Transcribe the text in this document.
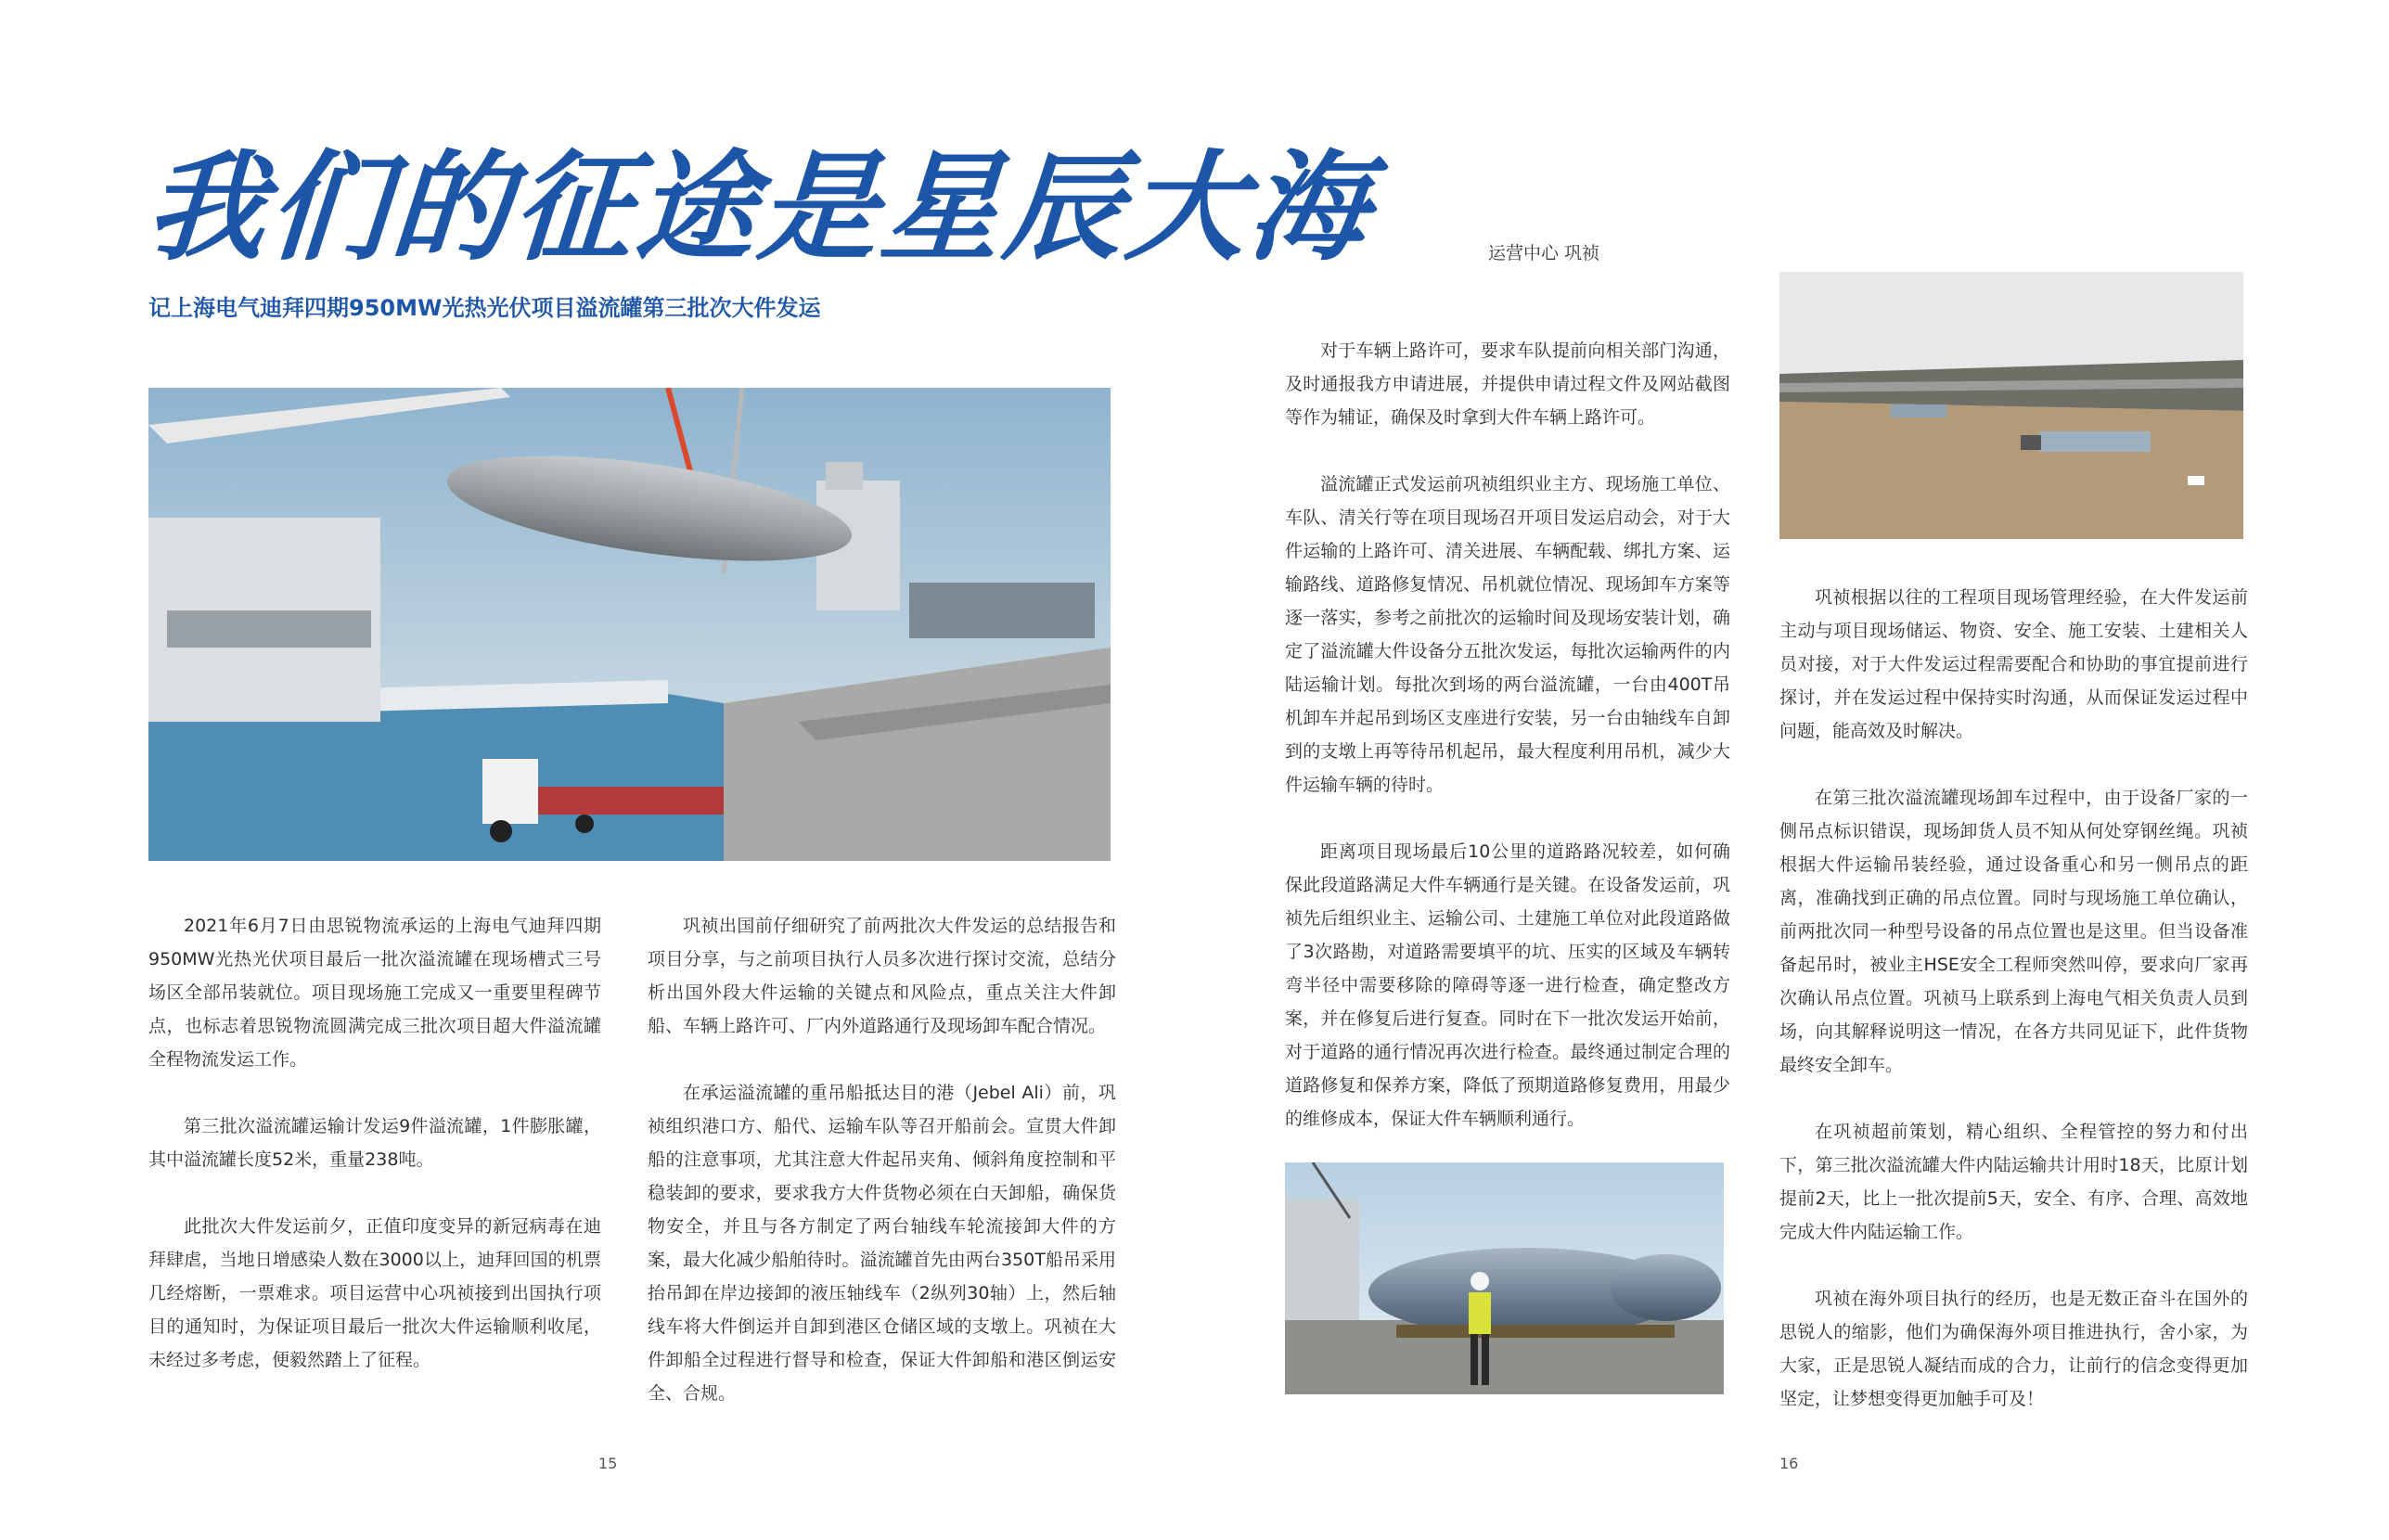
我们的征途是星辰大海	运营中心 巩祯
记上海电气迪拜四期950MW光热光伏项目溢流罐第三批次大件发运

2021年6月7日由思锐物流承运的上海电气迪拜四期950MW光热光伏项目最后一批次溢流罐在现场槽式三号场区全部吊装就位。项目现场施工完成又一重要里程碑节点，也标志着思锐物流圆满完成三批次项目超大件溢流罐全程物流发运工作。

第三批次溢流罐运输计发运9件溢流罐，1件膨胀罐，其中溢流罐长度52米，重量238吨。

此批次大件发运前夕，正值印度变异的新冠病毒在迪拜肆虐，当地日增感染人数在3000以上，迪拜回国的机票几经熔断，一票难求。项目运营中心巩祯接到出国执行项目的通知时，为保证项目最后一批次大件运输顺利收尾，未经过多考虑，便毅然踏上了征程。

巩祯出国前仔细研究了前两批次大件发运的总结报告和项目分享，与之前项目执行人员多次进行探讨交流，总结分析出国外段大件运输的关键点和风险点，重点关注大件卸船、车辆上路许可、厂内外道路通行及现场卸车配合情况。

在承运溢流罐的重吊船抵达目的港（Jebel Ali）前，巩祯组织港口方、船代、运输车队等召开船前会。宣贯大件卸船的注意事项，尤其注意大件起吊夹角、倾斜角度控制和平稳装卸的要求，要求我方大件货物必须在白天卸船，确保货物安全，并且与各方制定了两台轴线车轮流接卸大件的方案，最大化减少船舶待时。溢流罐首先由两台350T船吊采用抬吊卸在岸边接卸的液压轴线车（2纵列30轴）上，然后轴线车将大件倒运并自卸到港区仓储区域的支墩上。巩祯在大件卸船全过程进行督导和检查，保证大件卸船和港区倒运安全、合规。

15

对于车辆上路许可，要求车队提前向相关部门沟通，及时通报我方申请进展，并提供申请过程文件及网站截图等作为辅证，确保及时拿到大件车辆上路许可。

溢流罐正式发运前巩祯组织业主方、现场施工单位、车队、清关行等在项目现场召开项目发运启动会，对于大件运输的上路许可、清关进展、车辆配载、绑扎方案、运输路线、道路修复情况、吊机就位情况、现场卸车方案等逐一落实，参考之前批次的运输时间及现场安装计划，确定了溢流罐大件设备分五批次发运，每批次运输两件的内陆运输计划。每批次到场的两台溢流罐，一台由400T吊机卸车并起吊到场区支座进行安装，另一台由轴线车自卸到的支墩上再等待吊机起吊，最大程度利用吊机，减少大件运输车辆的待时。

距离项目现场最后10公里的道路路况较差，如何确保此段道路满足大件车辆通行是关键。在设备发运前，巩祯先后组织业主、运输公司、土建施工单位对此段道路做了3次路勘，对道路需要填平的坑、压实的区域及车辆转弯半径中需要移除的障碍等逐一进行检查，确定整改方案，并在修复后进行复查。同时在下一批次发运开始前，对于道路的通行情况再次进行检查。最终通过制定合理的道路修复和保养方案，降低了预期道路修复费用，用最少的维修成本，保证大件车辆顺利通行。

巩祯根据以往的工程项目现场管理经验，在大件发运前主动与项目现场储运、物资、安全、施工安装、土建相关人员对接，对于大件发运过程需要配合和协助的事宜提前进行探讨，并在发运过程中保持实时沟通，从而保证发运过程中问题，能高效及时解决。

在第三批次溢流罐现场卸车过程中，由于设备厂家的一侧吊点标识错误，现场卸货人员不知从何处穿钢丝绳。巩祯根据大件运输吊装经验，通过设备重心和另一侧吊点的距离，准确找到正确的吊点位置。同时与现场施工单位确认，前两批次同一种型号设备的吊点位置也是这里。但当设备准备起吊时，被业主HSE安全工程师突然叫停，要求向厂家再次确认吊点位置。巩祯马上联系到上海电气相关负责人员到场，向其解释说明这一情况，在各方共同见证下，此件货物最终安全卸车。

在巩祯超前策划，精心组织、全程管控的努力和付出下，第三批次溢流罐大件内陆运输共计用时18天，比原计划提前2天，比上一批次提前5天，安全、有序、合理、高效地完成大件内陆运输工作。

巩祯在海外项目执行的经历，也是无数正奋斗在国外的思锐人的缩影，他们为确保海外项目推进执行，舍小家，为大家，正是思锐人凝结而成的合力，让前行的信念变得更加坚定，让梦想变得更加触手可及！

16
